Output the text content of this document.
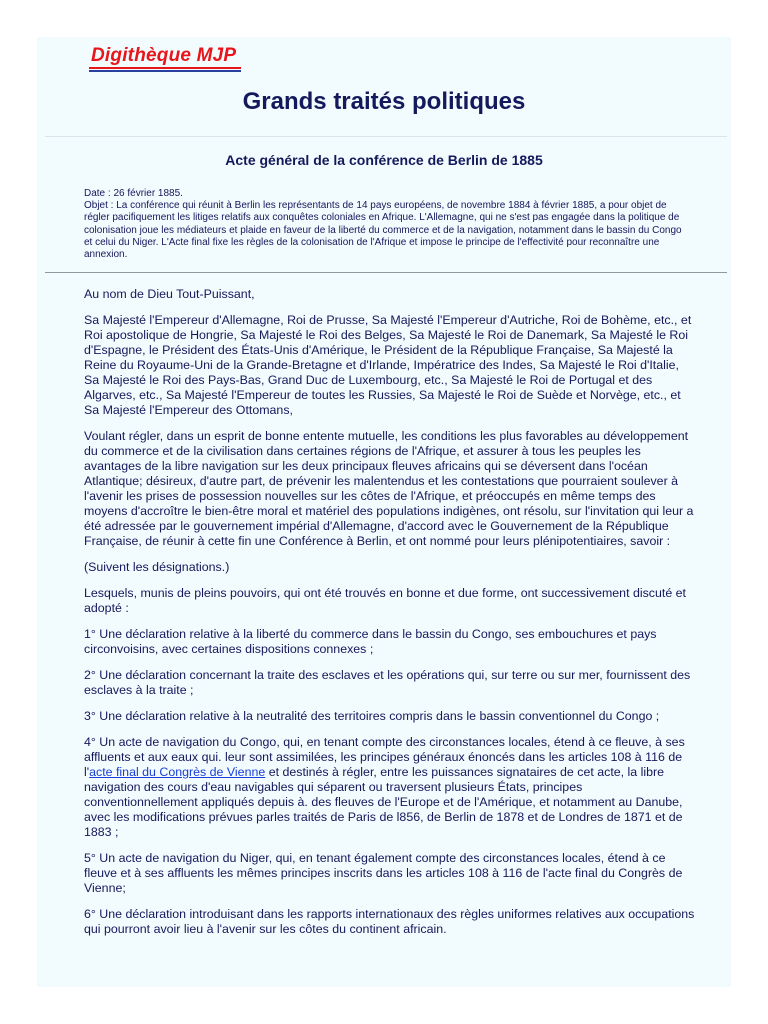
Digithèque MJP
Grands traités politiques
Acte général de la conférence de Berlin de 1885

Date : 26 février 1885.

Objet : La conférence qui réunit à Berlin les représentants de 14 pays européens, de novembre 1884 à février 1885, a pour objet de régler pacifiquement les litiges relatifs aux conquêtes coloniales en Afrique. L'Allemagne, qui ne s'est pas engagée dans la politique de colonisation joue les médiateurs et plaide en faveur de la liberté du commerce et de la navigation, notamment dans le bassin du Congo et celui du Niger. L'Acte final fixe les règles de la colonisation de l'Afrique et impose le principe de l'effectivité pour reconnaître une annexion.

Au nom de Dieu Tout-Puissant,

Sa Majesté l'Empereur d'Allemagne, Roi de Prusse, Sa Majesté l'Empereur d'Autriche, Roi de Bohème, etc., et Roi apostolique de Hongrie, Sa Majesté le Roi des Belges, Sa Majesté le Roi de Danemark, Sa Majesté le Roi d'Espagne, le Président des États-Unis d'Amérique, le Président de la République Française, Sa Majesté la Reine du Royaume-Uni de la Grande-Bretagne et d'Irlande, Impératrice des Indes, Sa Majesté le Roi d'Italie, Sa Majesté le Roi des Pays-Bas, Grand Duc de Luxembourg, etc., Sa Majesté le Roi de Portugal et des Algarves, etc., Sa Majesté l'Empereur de toutes les Russies, Sa Majesté le Roi de Suède et Norvège, etc., et Sa Majesté l'Empereur des Ottomans,

Voulant régler, dans un esprit de bonne entente mutuelle, les conditions les plus favorables au développement du commerce et de la civilisation dans certaines régions de l'Afrique, et assurer à tous les peuples les avantages de la libre navigation sur les deux principaux fleuves africains qui se déversent dans l'océan Atlantique; désireux, d'autre part, de prévenir les malentendus et les contestations que pourraient soulever à l'avenir les prises de possession nouvelles sur les côtes de l'Afrique, et préoccupés en même temps des moyens d'accroître le bien-être moral et matériel des populations indigènes, ont résolu, sur l'invitation qui leur a été adressée par le gouvernement impérial d'Allemagne, d'accord avec le Gouvernement de la République Française, de réunir à cette fin une Conférence à Berlin, et ont nommé pour leurs plénipotentiaires, savoir :

(Suivent les désignations.)

Lesquels, munis de pleins pouvoirs, qui ont été trouvés en bonne et due forme, ont successivement discuté et adopté :

1° Une déclaration relative à la liberté du commerce dans le bassin du Congo, ses embouchures et pays circonvoisins, avec certaines dispositions connexes ;

2° Une déclaration concernant la traite des esclaves et les opérations qui, sur terre ou sur mer, fournissent des esclaves à la traite ;

3° Une déclaration relative à la neutralité des territoires compris dans le bassin conventionnel du Congo ;

4° Un acte de navigation du Congo, qui, en tenant compte des circonstances locales, étend à ce fleuve, à ses affluents et aux eaux qui. leur sont assimilées, les principes généraux énoncés dans les articles 108 à 116 de l'acte final du Congrès de Vienne et destinés à régler, entre les puissances signataires de cet acte, la libre navigation des cours d'eau navigables qui séparent ou traversent plusieurs États, principes conventionnellement appliqués depuis à. des fleuves de l'Europe et de l'Amérique, et notamment au Danube, avec les modifications prévues parles traités de Paris de l856, de Berlin de 1878 et de Londres de 1871 et de 1883 ;

5° Un acte de navigation du Niger, qui, en tenant également compte des circonstances locales, étend à ce fleuve et à ses affluents les mêmes principes inscrits dans les articles 108 à 116 de l'acte final du Congrès de Vienne;

6° Une déclaration introduisant dans les rapports internationaux des règles uniformes relatives aux occupations qui pourront avoir lieu à l'avenir sur les côtes du continent africain.
